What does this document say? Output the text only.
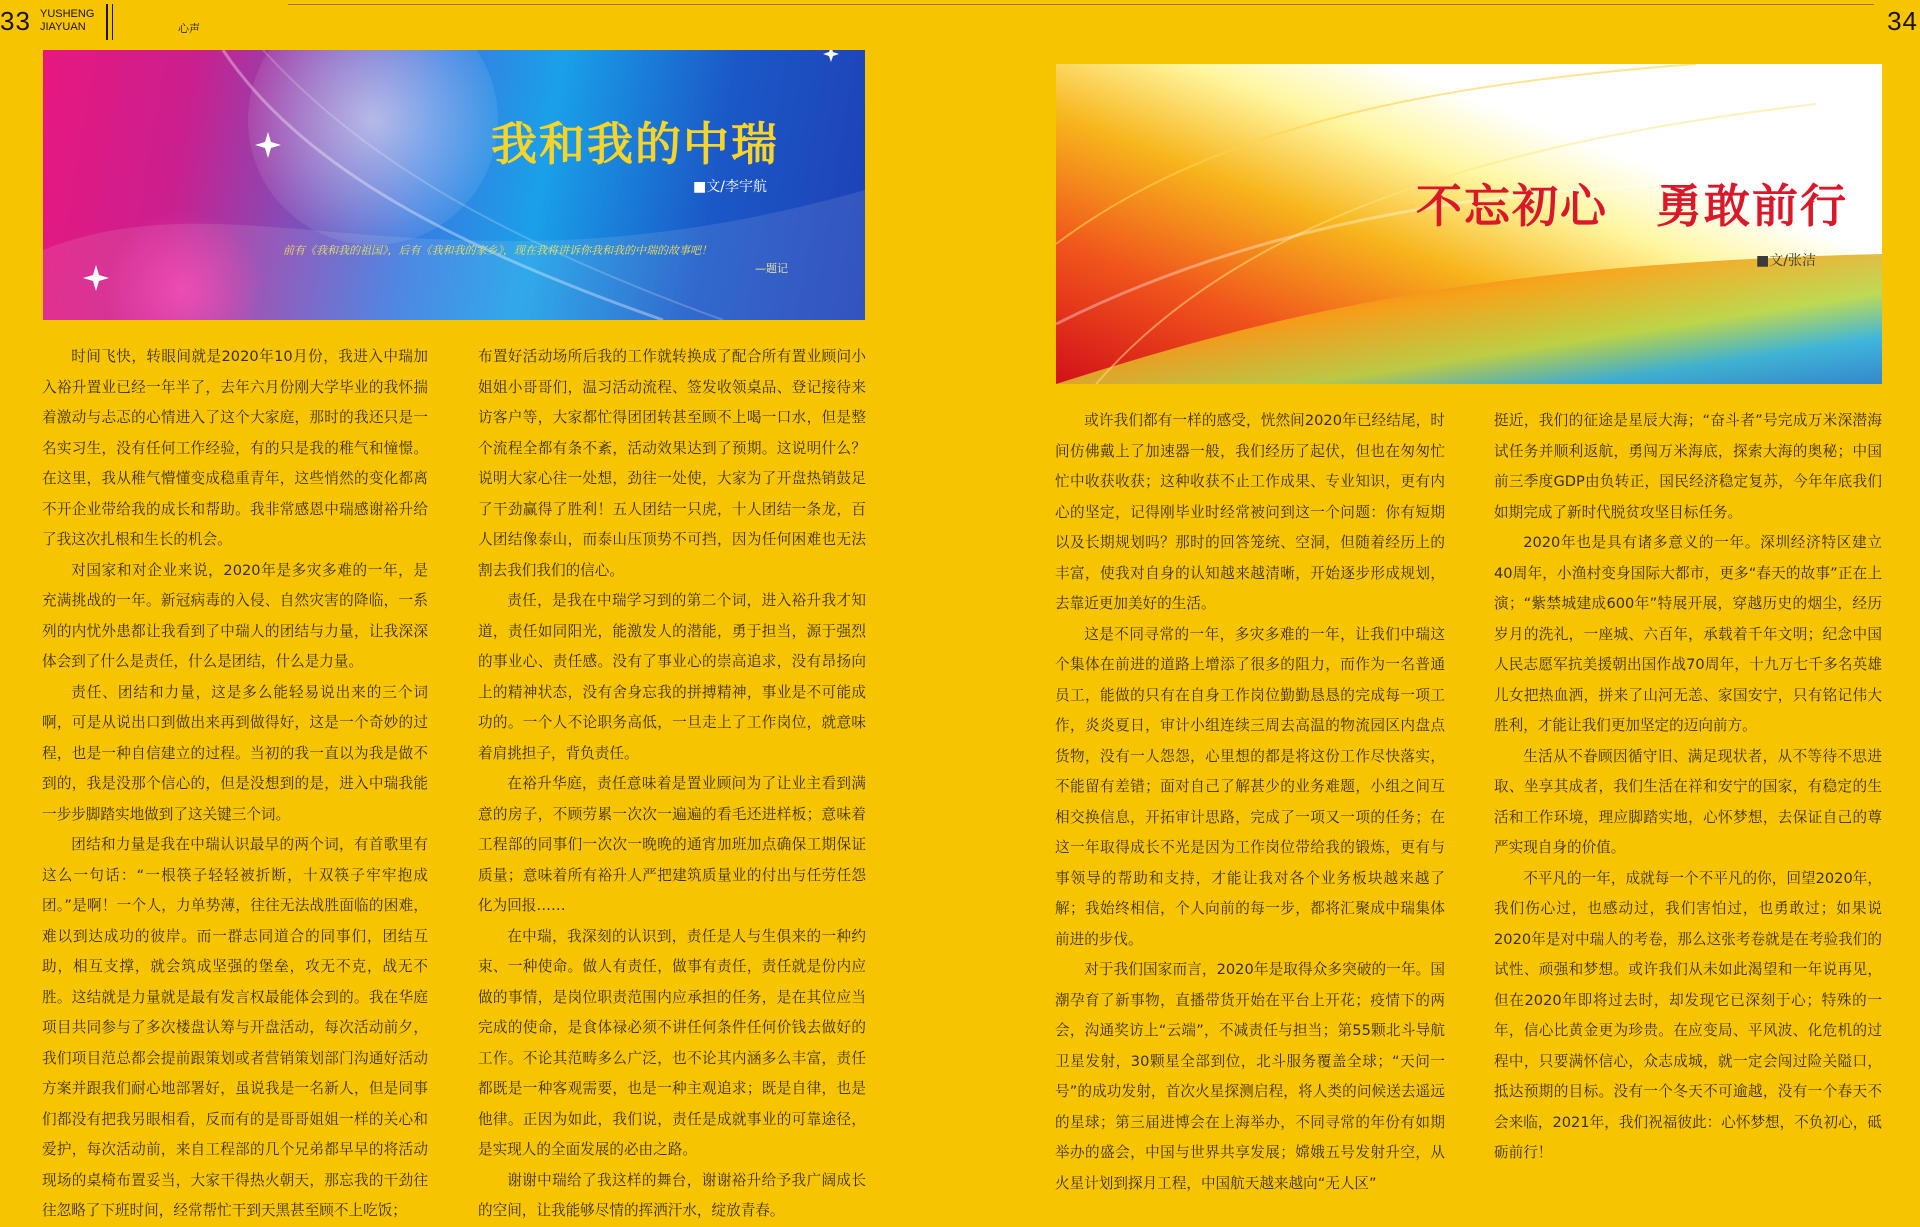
33 YUSHENG
JIAYUAN	心声	34
我和我的中瑞
■文/李宇航
前有《我和我的祖国》，后有《我和我的家乡》，现在我将讲诉你我和我的中瑞的故事吧！
—题记
不忘初心　勇敢前行
■文/张洁

时间飞快，转眼间就是2020年10月份，我进入中瑞加入裕升置业已经一年半了，去年六月份刚大学毕业的我怀揣着激动与忐忑的心情进入了这个大家庭，那时的我还只是一名实习生，没有任何工作经验，有的只是我的稚气和憧憬。在这里，我从稚气懵懂变成稳重青年，这些悄然的变化都离不开企业带给我的成长和帮助。我非常感恩中瑞感谢裕升给了我这次扎根和生长的机会。

对国家和对企业来说，2020年是多灾多难的一年，是充满挑战的一年。新冠病毒的入侵、自然灾害的降临，一系列的内忧外患都让我看到了中瑞人的团结与力量，让我深深体会到了什么是责任，什么是团结，什么是力量。

责任、团结和力量，这是多么能轻易说出来的三个词啊，可是从说出口到做出来再到做得好，这是一个奇妙的过程，也是一种自信建立的过程。当初的我一直以为我是做不到的，我是没那个信心的，但是没想到的是，进入中瑞我能一步步脚踏实地做到了这关键三个词。

团结和力量是我在中瑞认识最早的两个词，有首歌里有这么一句话：“一根筷子轻轻被折断，十双筷子牢牢抱成团。”是啊！一个人，力单势薄，往往无法战胜面临的困难，难以到达成功的彼岸。而一群志同道合的同事们，团结互助，相互支撑，就会筑成坚强的堡垒，攻无不克，战无不胜。这结就是力量就是最有发言权最能体会到的。我在华庭项目共同参与了多次楼盘认筹与开盘活动，每次活动前夕，我们项目范总都会提前跟策划或者营销策划部门沟通好活动方案并跟我们耐心地部署好，虽说我是一名新人，但是同事们都没有把我另眼相看，反而有的是哥哥姐姐一样的关心和爱护，每次活动前，来自工程部的几个兄弟都早早的将活动现场的桌椅布置妥当，大家干得热火朝天，那忘我的干劲往往忽略了下班时间，经常帮忙干到天黑甚至顾不上吃饭；

布置好活动场所后我的工作就转换成了配合所有置业顾问小姐姐小哥哥们，温习活动流程、签发收领桌品、登记接待来访客户等，大家都忙得团团转甚至顾不上喝一口水，但是整个流程全都有条不紊，活动效果达到了预期。这说明什么？说明大家心往一处想，劲往一处使，大家为了开盘热销鼓足了干劲赢得了胜利！五人团结一只虎，十人团结一条龙，百人团结像泰山，而泰山压顶势不可挡，因为任何困难也无法割去我们我们的信心。

责任，是我在中瑞学习到的第二个词，进入裕升我才知道，责任如同阳光，能激发人的潜能，勇于担当，源于强烈的事业心、责任感。没有了事业心的崇高追求，没有昂扬向上的精神状态，没有舍身忘我的拼搏精神，事业是不可能成功的。一个人不论职务高低，一旦走上了工作岗位，就意味着肩挑担子，背负责任。

在裕升华庭，责任意味着是置业顾问为了让业主看到满意的房子，不顾劳累一次次一遍遍的看毛还进样板；意味着工程部的同事们一次次一晚晚的通宵加班加点确保工期保证质量；意味着所有裕升人严把建筑质量业的付出与任劳任怨化为回报……

在中瑞，我深刻的认识到，责任是人与生俱来的一种约束、一种使命。做人有责任，做事有责任，责任就是份内应做的事情，是岗位职责范围内应承担的任务，是在其位应当完成的使命，是食体禄必须不讲任何条件任何价钱去做好的工作。不论其范畴多么广泛，也不论其内涵多么丰富，责任都既是一种客观需要，也是一种主观追求；既是自律，也是他律。正因为如此，我们说，责任是成就事业的可靠途径，是实现人的全面发展的必由之路。

谢谢中瑞给了我这样的舞台，谢谢裕升给予我广阔成长的空间，让我能够尽情的挥洒汗水，绽放青春。

或许我们都有一样的感受，恍然间2020年已经结尾，时间仿佛戴上了加速器一般，我们经历了起伏，但也在匆匆忙忙中收获收获；这种收获不止工作成果、专业知识，更有内心的坚定，记得刚毕业时经常被问到这一个问题：你有短期以及长期规划吗？那时的回答笼统、空洞，但随着经历上的丰富，使我对自身的认知越来越清晰，开始逐步形成规划，去靠近更加美好的生活。

这是不同寻常的一年，多灾多难的一年，让我们中瑞这个集体在前进的道路上增添了很多的阻力，而作为一名普通员工，能做的只有在自身工作岗位勤勤恳恳的完成每一项工作，炎炎夏日，审计小组连续三周去高温的物流园区内盘点货物，没有一人怨怨，心里想的都是将这份工作尽快落实，不能留有差错；面对自己了解甚少的业务难题，小组之间互相交换信息，开拓审计思路，完成了一项又一项的任务；在这一年取得成长不光是因为工作岗位带给我的锻炼，更有与事领导的帮助和支持，才能让我对各个业务板块越来越了解；我始终相信，个人向前的每一步，都将汇聚成中瑞集体前进的步伐。

对于我们国家而言，2020年是取得众多突破的一年。国潮孕育了新事物，直播带货开始在平台上开花；疫情下的两会，沟通奖访上“云端”，不减责任与担当；第55颗北斗导航卫星发射，30颗星全部到位，北斗服务覆盖全球；“天问一号”的成功发射，首次火星探测启程，将人类的问候送去遥远的星球；第三届进博会在上海举办，不同寻常的年份有如期举办的盛会，中国与世界共享发展；嫦娥五号发射升空，从火星计划到探月工程，中国航天越来越向“无人区”

挺近，我们的征途是星辰大海；“奋斗者”号完成万米深潜海试任务并顺利返航，勇闯万米海底，探索大海的奥秘；中国前三季度GDP由负转正，国民经济稳定复苏，今年年底我们如期完成了新时代脱贫攻坚目标任务。

2020年也是具有诸多意义的一年。深圳经济特区建立40周年，小渔村变身国际大都市，更多“春天的故事”正在上演；“紫禁城建成600年”特展开展，穿越历史的烟尘，经历岁月的洗礼，一座城、六百年，承载着千年文明；纪念中国人民志愿军抗美援朝出国作战70周年，十九万七千多名英雄儿女把热血洒，拼来了山河无恙、家国安宁，只有铭记伟大胜利，才能让我们更加坚定的迈向前方。

生活从不眷顾因循守旧、满足现状者，从不等待不思进取、坐享其成者，我们生活在祥和安宁的国家，有稳定的生活和工作环境，理应脚踏实地，心怀梦想，去保证自己的尊严实现自身的价值。

不平凡的一年，成就每一个不平凡的你，回望2020年，我们伤心过，也感动过，我们害怕过，也勇敢过；如果说2020年是对中瑞人的考卷，那么这张考卷就是在考验我们的试性、顽强和梦想。或许我们从未如此渴望和一年说再见，但在2020年即将过去时，却发现它已深刻于心；特殊的一年，信心比黄金更为珍贵。在应变局、平风波、化危机的过程中，只要满怀信心，众志成城，就一定会闯过险关隘口，抵达预期的目标。没有一个冬天不可逾越，没有一个春天不会来临，2021年，我们祝福彼此：心怀梦想，不负初心，砥砺前行！
